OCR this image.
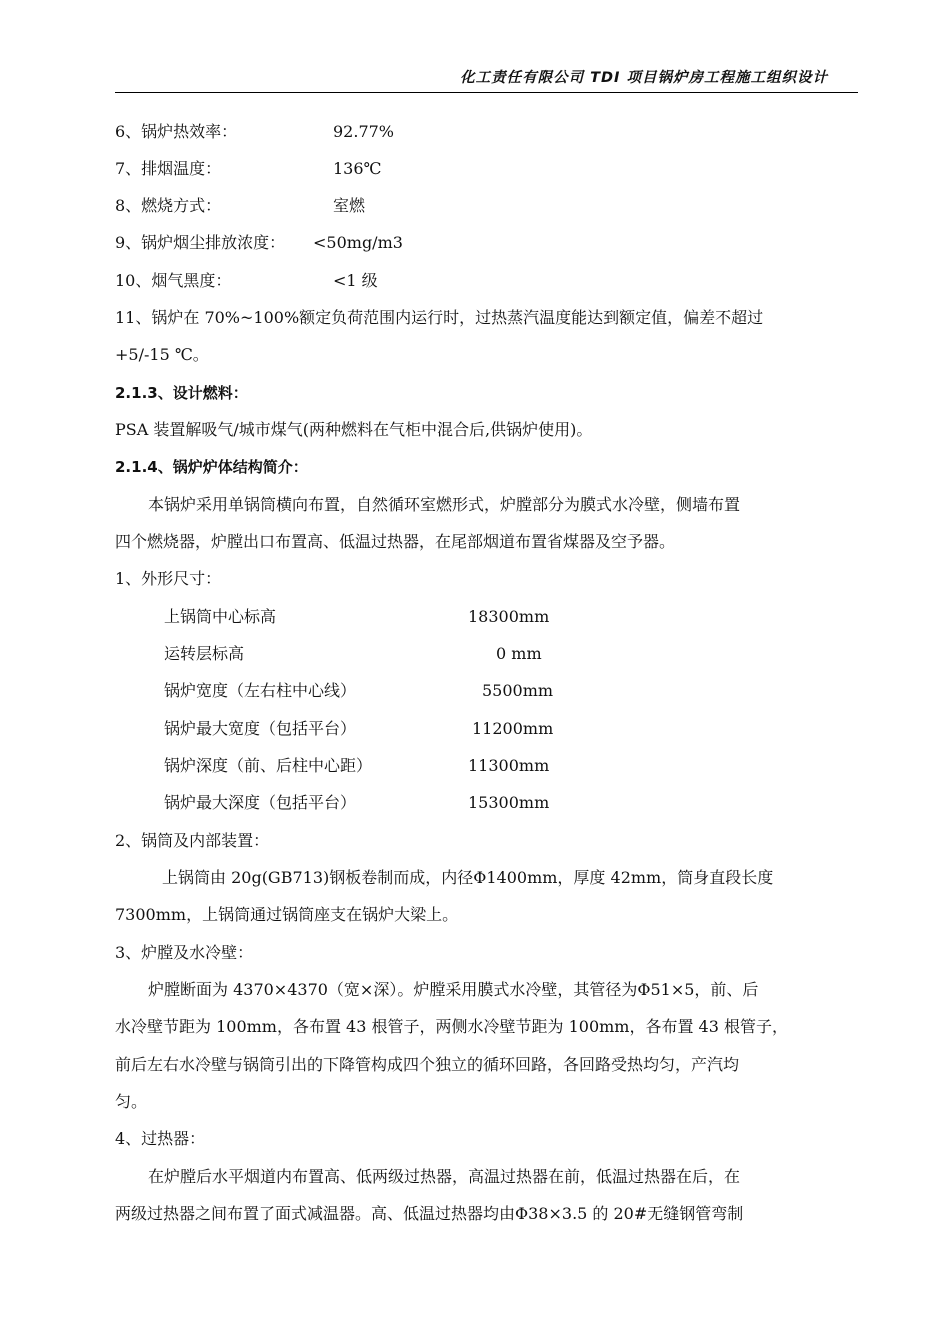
化工责任有限公司 TDI 项目锅炉房工程施工组织设计
6、锅炉热效率：	92.77%
7、排烟温度：	136℃
8、燃烧方式：	室燃
9、锅炉烟尘排放浓度： <50mg/m3
10、烟气黑度：	<1 级
11、锅炉在 70%~100%额定负荷范围内运行时，过热蒸汽温度能达到额定值，偏差不超过
+5/-15 ℃。
2.1.3、设计燃料：
PSA 装置解吸气/城市煤气(两种燃料在气柜中混合后,供锅炉使用)。
2.1.4、锅炉炉体结构简介：
本锅炉采用单锅筒横向布置，自然循环室燃形式，炉膛部分为膜式水冷壁，侧墙布置
四个燃烧器，炉膛出口布置高、低温过热器，在尾部烟道布置省煤器及空予器。
1、外形尺寸：
上锅筒中心标高	18300mm
运转层标高	0 mm
锅炉宽度（左右柱中心线）	5500mm
锅炉最大宽度（包括平台）	11200mm
锅炉深度（前、后柱中心距）	11300mm
锅炉最大深度（包括平台）	15300mm
2、锅筒及内部装置：
上锅筒由 20g(GB713)钢板卷制而成，内径Φ1400mm，厚度 42mm，筒身直段长度
7300mm，上锅筒通过锅筒座支在锅炉大梁上。
3、炉膛及水冷壁：
炉膛断面为 4370×4370（宽×深）。炉膛采用膜式水冷壁，其管径为Φ51×5，前、后
水冷壁节距为 100mm，各布置 43 根管子，两侧水冷壁节距为 100mm，各布置 43 根管子，
前后左右水冷壁与锅筒引出的下降管构成四个独立的循环回路，各回路受热均匀，产汽均
匀。
4、过热器：
在炉膛后水平烟道内布置高、低两级过热器，高温过热器在前，低温过热器在后，在
两级过热器之间布置了面式减温器。高、低温过热器均由Φ38×3.5 的 20#无缝钢管弯制
